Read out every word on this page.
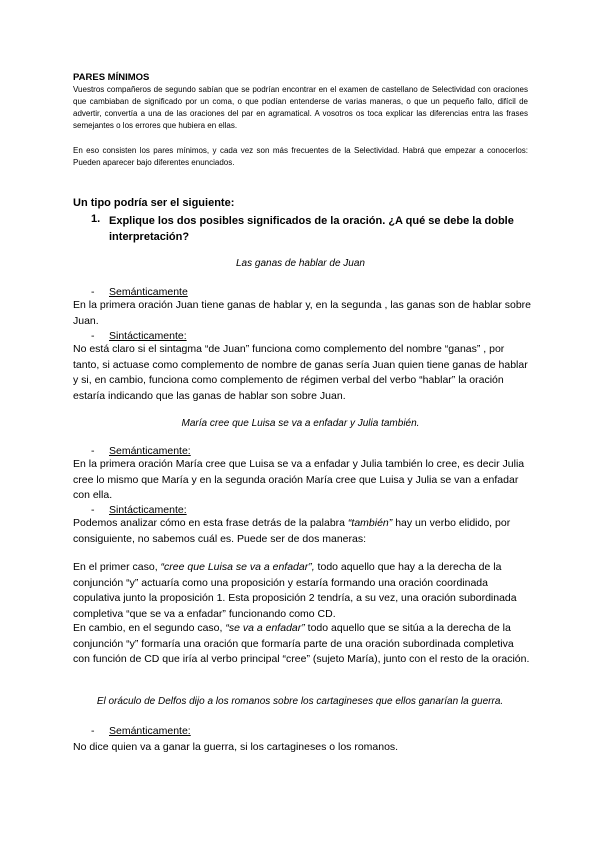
PARES MÍNIMOS
Vuestros compañeros de segundo sabían que se podrían encontrar en el examen de castellano de Selectividad con oraciones que cambiaban de significado por un coma, o que podían entenderse de varias maneras, o que un pequeño fallo, difícil de advertir, convertía a una de las oraciones del par en agramatical. A vosotros os toca explicar las diferencias entra las frases semejantes o los errores que hubiera en ellas.
En eso consisten los pares mínimos, y cada vez son más frecuentes de la Selectividad. Habrá que empezar a conocerlos: Pueden aparecer bajo diferentes enunciados.
Un tipo podría ser el siguiente:
1. Explique los dos posibles significados de la oración. ¿A qué se debe la doble interpretación?
Las ganas de hablar de Juan
- Semánticamente
En la primera oración Juan tiene ganas de hablar y, en la segunda , las ganas son de hablar sobre Juan.
- Sintácticamente:
No está claro si el sintagma “de Juan” funciona como complemento del nombre “ganas” , por tanto, si actuase como complemento de nombre de ganas sería Juan quien tiene ganas de hablar y si, en cambio, funciona como complemento de régimen verbal del verbo “hablar” la oración estaría indicando que las ganas de hablar son sobre Juan.
María cree que Luisa se va a enfadar y Julia también.
- Semánticamente:
En la primera oración María cree que Luisa se va a enfadar y Julia también lo cree, es decir Julia cree lo mismo que María y en la segunda oración María cree que Luisa y Julia se van a enfadar con ella.
- Sintácticamente:
Podemos analizar cómo en esta frase detrás de la palabra “también” hay un verbo elidido, por consiguiente, no sabemos cuál es. Puede ser de dos maneras:
En el primer caso, “cree que Luisa se va a enfadar”, todo aquello que hay a la derecha de la conjunción “y” actuaría como una proposición y estaría formando una oración coordinada copulativa junto la proposición 1. Esta proposición 2 tendría, a su vez, una oración subordinada completiva “que se va a enfadar” funcionando como CD.
En cambio, en el segundo caso, “se va a enfadar” todo aquello que se sitúa a la derecha de la conjunción “y” formaría una oración que formaría parte de una oración subordinada completiva con función de CD que iría al verbo principal “cree” (sujeto María), junto con el resto de la oración.
El oráculo de Delfos dijo a los romanos sobre los cartagineses que ellos ganarían la guerra.
- Semánticamente:
No dice quien va a ganar la guerra, si los cartagineses o los romanos.
